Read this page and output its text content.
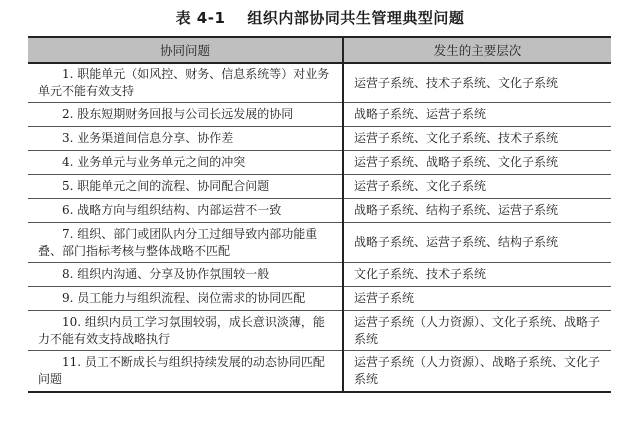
表 4-1 组织内部协同共生管理典型问题
协同问题	发生的主要层次

1. 职能单元（如风控、财务、信息系统等）对业务单元不能有效支持	运营子系统、技术子系统、文化子系统

2. 股东短期财务回报与公司长远发展的协同	战略子系统、运营子系统

3. 业务渠道间信息分享、协作差	运营子系统、文化子系统、技术子系统

4. 业务单元与业务单元之间的冲突	运营子系统、战略子系统、文化子系统

5. 职能单元之间的流程、协同配合问题	运营子系统、文化子系统

6. 战略方向与组织结构、内部运营不一致	战略子系统、结构子系统、运营子系统

7. 组织、部门或团队内分工过细导致内部功能重叠、部门指标考核与整体战略不匹配	战略子系统、运营子系统、结构子系统

8. 组织内沟通、分享及协作氛围较一般	文化子系统、技术子系统

9. 员工能力与组织流程、岗位需求的协同匹配	运营子系统

10. 组织内员工学习氛围较弱，成长意识淡薄，能力不能有效支持战略执行	运营子系统（人力资源）、文化子系统、战略子系统

11. 员工不断成长与组织持续发展的动态协同匹配问题	运营子系统（人力资源）、战略子系统、文化子系统
